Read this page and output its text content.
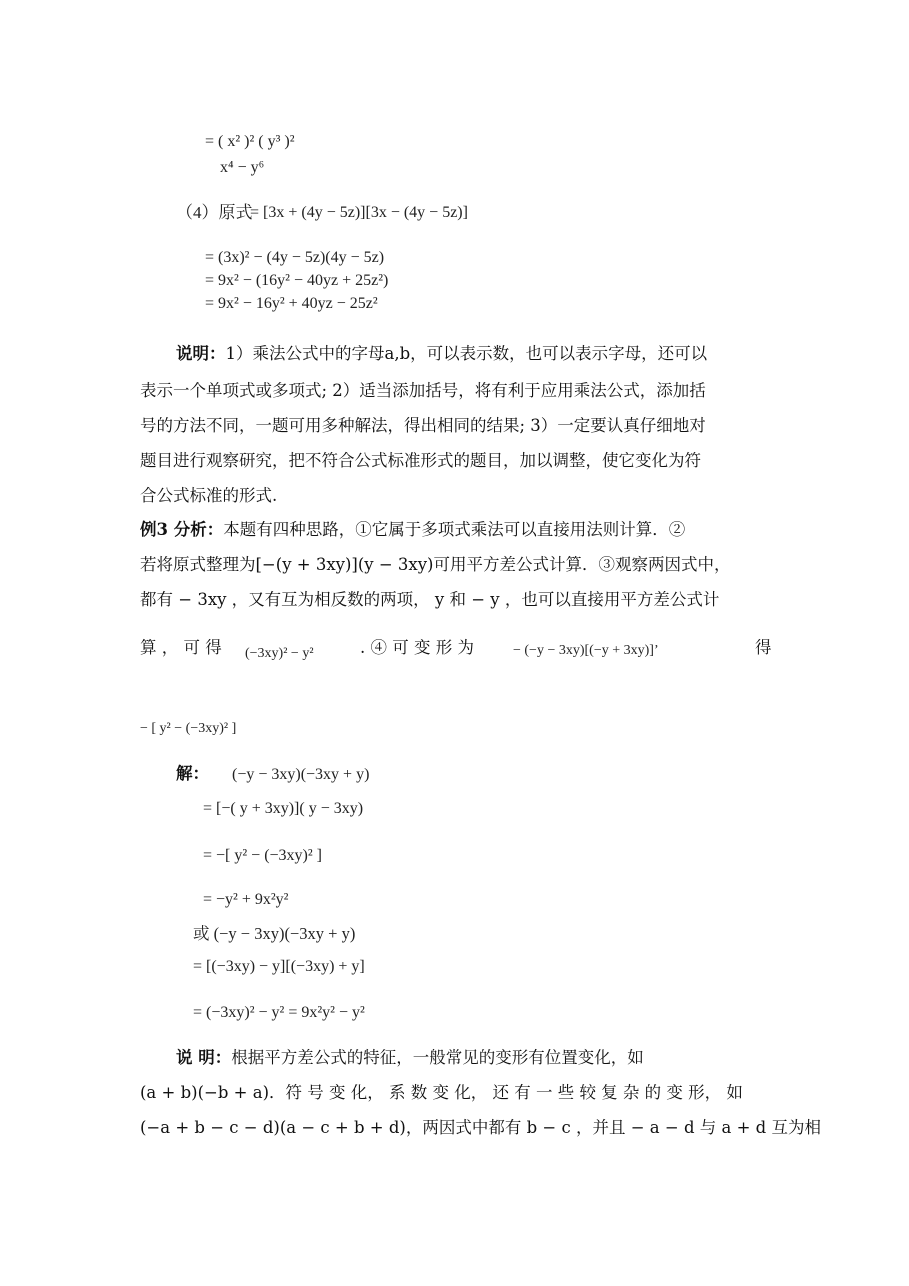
= ( x² )² ( y³ )²
x⁴ − y⁶
（4）原式
= [3x + (4y − 5z)][3x − (4y − 5z)]
= (3x)² − (4y − 5z)(4y − 5z)
= 9x² − (16y² − 40yz + 25z²)
= 9x² − 16y² + 40yz − 25z²
说明：1）乘法公式中的字母a,b，可以表示数，也可以表示字母，还可以
表示一个单项式或多项式; 2）适当添加括号，将有利于应用乘法公式，添加括
号的方法不同，一题可用多种解法，得出相同的结果; 3）一定要认真仔细地对
题目进行观察研究，把不符合公式标准形式的题目，加以调整，使它变化为符
合公式标准的形式.
例3 分析：本题有四种思路，①它属于多项式乘法可以直接用法则计算．②
若将原式整理为[−(y + 3xy)](y − 3xy)可用平方差公式计算．③观察两因式中，
都有 − 3xy ，又有互为相反数的两项， y 和 − y ，也可以直接用平方差公式计
算 ， 可 得	(−3xy)² − y²	. ④ 可 变 形 为	− (−y − 3xy)[(−y + 3xy)]’	得
− [ y² − (−3xy)² ]
解：	(−y − 3xy)(−3xy + y)
= [−( y + 3xy)]( y − 3xy)
= −[ y² − (−3xy)² ]
= −y² + 9x²y²
或 (−y − 3xy)(−3xy + y)
= [(−3xy) − y][(−3xy) + y]
= (−3xy)² − y² = 9x²y² − y²
说 明：根据平方差公式的特征，一般常见的变形有位置变化，如
(a + b)(−b + a)．符 号 变 化， 系 数 变 化， 还 有 一 些 较 复 杂 的 变 形， 如
(−a + b − c − d)(a − c + b + d)，两因式中都有 b − c ，并且 − a − d 与 a + d 互为相
